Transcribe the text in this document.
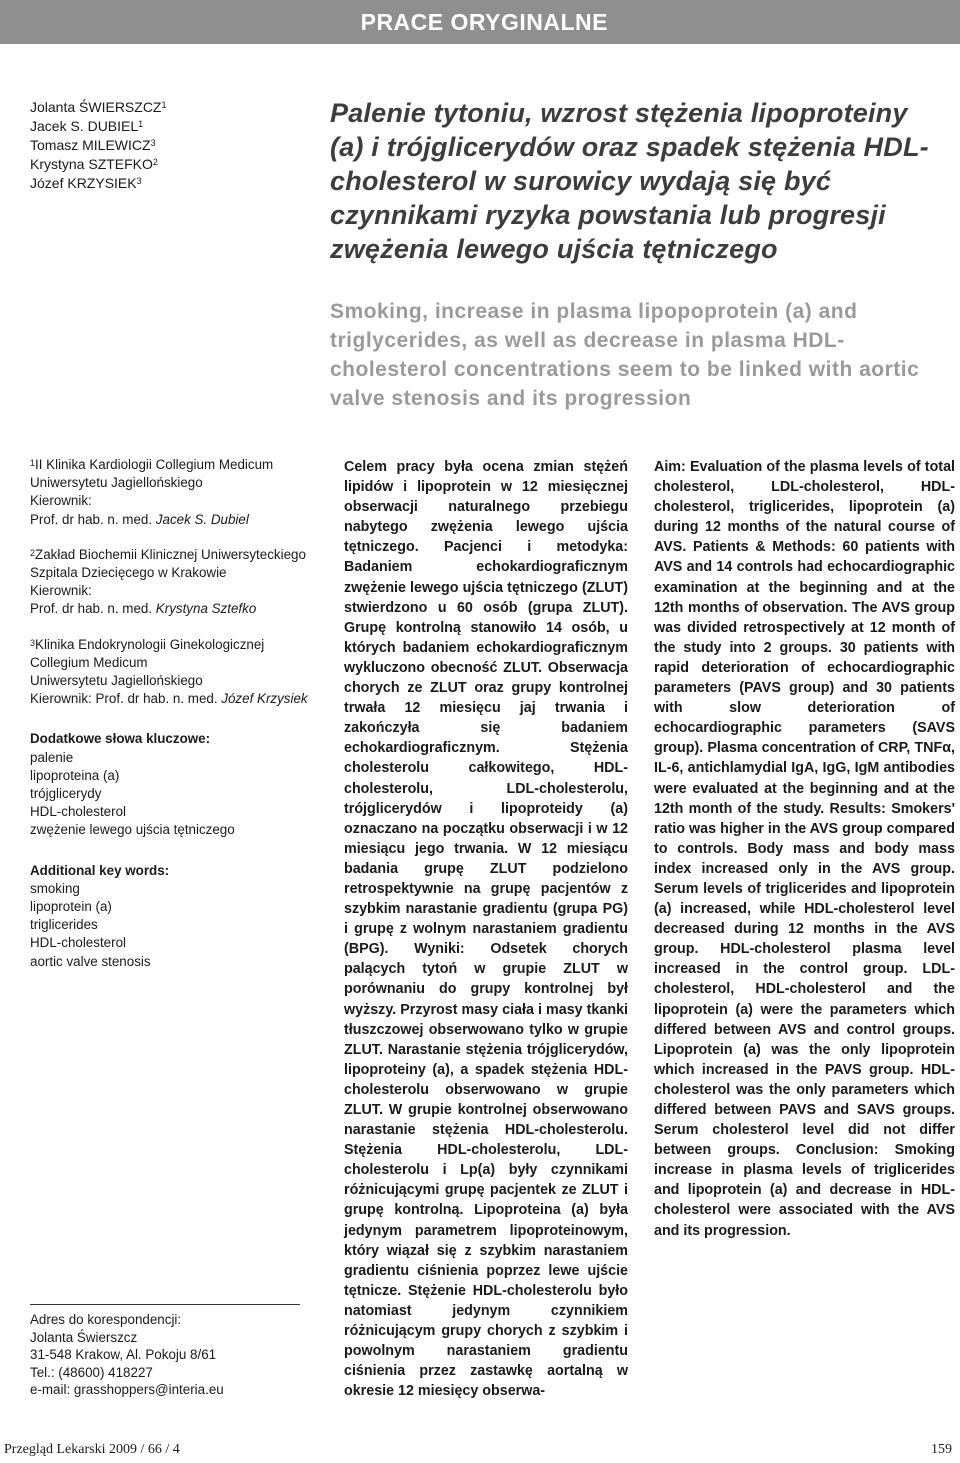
PRACE ORYGINALNE
Jolanta ŚWIERSZCZ$^1$
Jacek S. DUBIEL$^1$
Tomasz MILEWICZ$^3$
Krystyna SZTEFKO$^2$
Józef KRZYSIEK$^3$
Palenie tytoniu, wzrost stężenia lipoproteiny (a) i trójglicerydów oraz spadek stężenia HDL-cholesterol w surowicy wydają się być czynnikami ryzyka powstania lub progresji zwężenia lewego ujścia tętniczego
Smoking, increase in plasma lipopoprotein (a) and triglycerides, as well as decrease in plasma HDL-cholesterol concentrations seem to be linked with aortic valve stenosis and its progression
$^1$II Klinika Kardiologii Collegium Medicum
Uniwersytetu Jagiellońskiego
Kierownik:
Prof. dr hab. n. med. Jacek S. Dubiel
$^2$Zakład Biochemii Klinicznej Uniwersyteckiego
Szpitala Dziecięcego w Krakowie
Kierownik:
Prof. dr hab. n. med. Krystyna Sztefko
$^3$Klinika Endokrynologii Ginekologicznej
Collegium Medicum
Uniwersytetu Jagiellońskiego
Kierownik: Prof. dr hab. n. med. Józef Krzysiek
Dodatkowe słowa kluczowe:
palenie
lipoproteina (a)
trójglicerydy
HDL-cholesterol
zwężenie lewego ujścia tętniczego
Additional key words:
smoking
lipoprotein (a)
triglicerides
HDL-cholesterol
aortic valve stenosis
Adres do korespondencji:
Jolanta Świerszcz
31-548 Krakow, Al. Pokoju 8/61
Tel.: (48600) 418227
e-mail: grasshoppers@interia.eu
Celem pracy była ocena zmian stężeń lipidów i lipoprotein w 12 miesięcznej obserwacji naturalnego przebiegu nabytego zwężenia lewego ujścia tętniczego. Pacjenci i metodyka: Badaniem echokardiograficznym zwężenie lewego ujścia tętniczego (ZLUT) stwierdzono u 60 osób (grupa ZLUT). Grupę kontrolną stanowiło 14 osób, u których badaniem echokardiograficznym wykluczono obecność ZLUT. Obserwacja chorych ze ZLUT oraz grupy kontrolnej trwała 12 miesięcu jaj trwania i zakończyła się badaniem echokardiograficznym. Stężenia cholesterolu całkowitego, HDL-cholesterolu, LDL-cholesterolu, trójglicerydów i lipoproteidy (a) oznaczano na początku obserwacji i w 12 miesiącu jego trwania. W 12 miesiącu badania grupę ZLUT podzielono retrospektywnie na grupę pacjentów z szybkim narastanie gradientu (grupa PG) i grupę z wolnym narastaniem gradientu (BPG). Wyniki: Odsetek chorych palących tytoń w grupie ZLUT w porównaniu do grupy kontrolnej był wyższy. Przyrost masy ciała i masy tkanki tłuszczowej obserwowano tylko w grupie ZLUT. Narastanie stężenia trójglicerydów, lipoproteiny (a), a spadek stężenia HDL-cholesterolu obserwowano w grupie ZLUT. W grupie kontrolnej obserwowano narastanie stężenia HDL-cholesterolu. Stężenia HDL-cholesterolu, LDL-cholesterolu i Lp(a) były czynnikami różnicującymi grupę pacjentek ze ZLUT i grupę kontrolną. Lipoproteina (a) była jedynym parametrem lipoproteinowym, który wiązał się z szybkim narastaniem gradientu ciśnienia poprzez lewe ujście tętnicze. Stężenie HDL-cholesterolu było natomiast jedynym czynnikiem różnicującym grupy chorych z szybkim i powolnym narastaniem gradientu ciśnienia przez zastawkę aortalną w okresie 12 miesięcy obserwa-
Aim: Evaluation of the plasma levels of total cholesterol, LDL-cholesterol, HDL-cholesterol, triglicerides, lipoprotein (a) during 12 months of the natural course of AVS. Patients & Methods: 60 patients with AVS and 14 controls had echocardiographic examination at the beginning and at the 12th months of observation. The AVS group was divided retrospectively at 12 month of the study into 2 groups. 30 patients with rapid deterioration of echocardiographic parameters (PAVS group) and 30 patients with slow deterioration of echocardiographic parameters (SAVS group). Plasma concentration of CRP, TNFα, IL-6, antichlamydial IgA, IgG, IgM antibodies were evaluated at the beginning and at the 12th month of the study. Results: Smokers' ratio was higher in the AVS group compared to controls. Body mass and body mass index increased only in the AVS group. Serum levels of triglicerides and lipoprotein (a) increased, while HDL-cholesterol level decreased during 12 months in the AVS group. HDL-cholesterol plasma level increased in the control group. LDL-cholesterol, HDL-cholesterol and the lipoprotein (a) were the parameters which differed between AVS and control groups. Lipoprotein (a) was the only lipoprotein which increased in the PAVS group. HDL-cholesterol was the only parameters which differed between PAVS and SAVS groups. Serum cholesterol level did not differ between groups. Conclusion: Smoking increase in plasma levels of triglicerides and lipoprotein (a) and decrease in HDL-cholesterol were associated with the AVS and its progression.
Przegląd Lekarski 2009 / 66 / 4	159
